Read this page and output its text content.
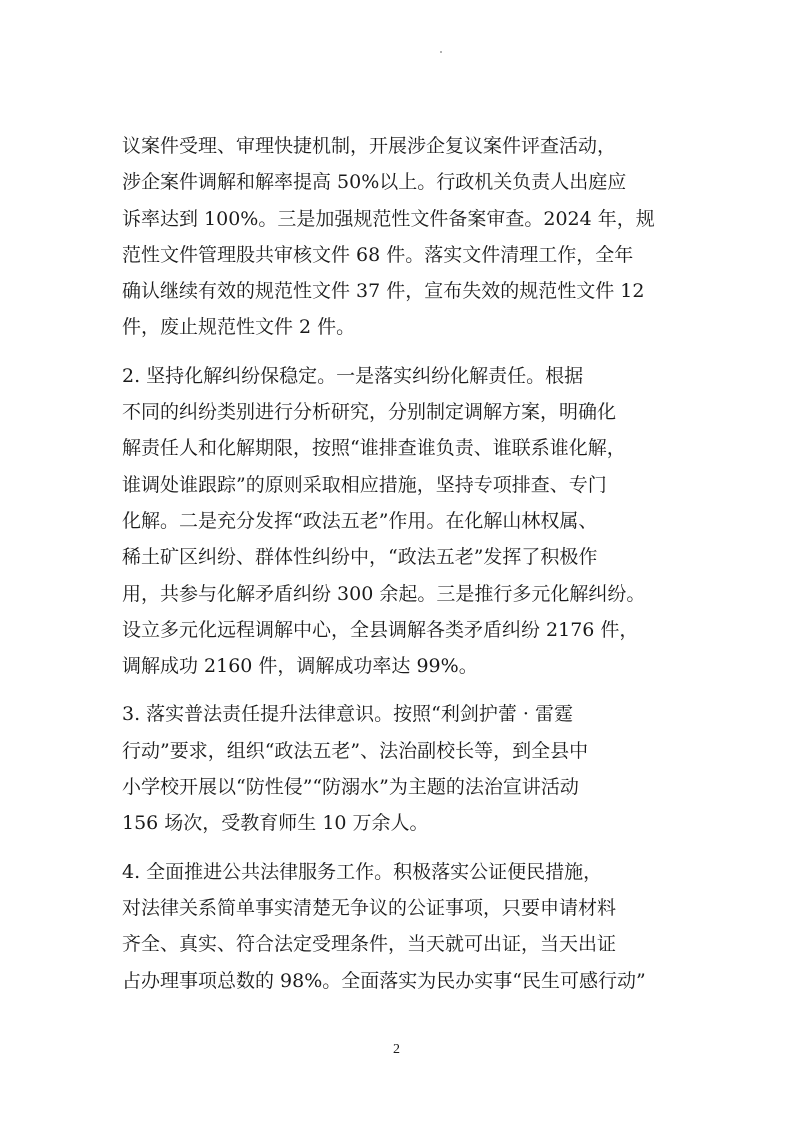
议案件受理、审理快捷机制，开展涉企复议案件评查活动，
涉企案件调解和解率提高 50%以上。行政机关负责人出庭应
诉率达到 100%。三是加强规范性文件备案审查。2024 年，规
范性文件管理股共审核文件 68 件。落实文件清理工作，全年
确认继续有效的规范性文件 37 件，宣布失效的规范性文件 12
件，废止规范性文件 2 件。
2. 坚持化解纠纷保稳定。一是落实纠纷化解责任。根据
不同的纠纷类别进行分析研究，分别制定调解方案，明确化
解责任人和化解期限，按照“谁排查谁负责、谁联系谁化解，
谁调处谁跟踪”的原则采取相应措施，坚持专项排查、专门
化解。二是充分发挥“政法五老”作用。在化解山林权属、
稀土矿区纠纷、群体性纠纷中，“政法五老”发挥了积极作
用，共参与化解矛盾纠纷 300 余起。三是推行多元化解纠纷。
设立多元化远程调解中心，全县调解各类矛盾纠纷 2176 件，
调解成功 2160 件，调解成功率达 99%。
3. 落实普法责任提升法律意识。按照“利剑护蕾 · 雷霆
行动”要求，组织“政法五老”、法治副校长等，到全县中
小学校开展以“防性侵”“防溺水”为主题的法治宣讲活动
156 场次，受教育师生 10 万余人。
4. 全面推进公共法律服务工作。积极落实公证便民措施，
对法律关系简单事实清楚无争议的公证事项，只要申请材料
齐全、真实、符合法定受理条件，当天就可出证，当天出证
占办理事项总数的 98%。全面落实为民办实事“民生可感行动”
2
